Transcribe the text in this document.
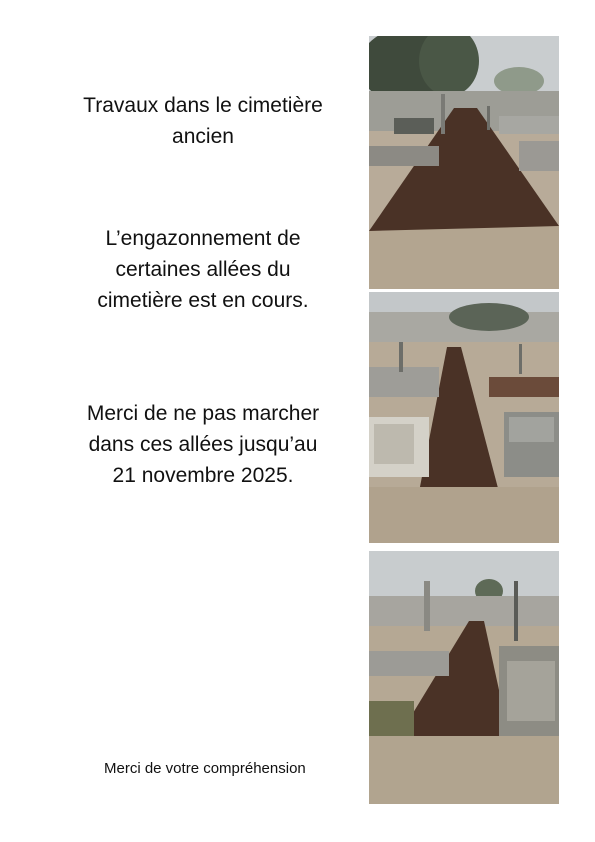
Travaux dans le cimetière
ancien

L’engazonnement de
certaines allées du
cimetière est en cours.

Merci de ne pas marcher
dans ces allées jusqu’au
21 novembre 2025.

Merci de votre compréhension
